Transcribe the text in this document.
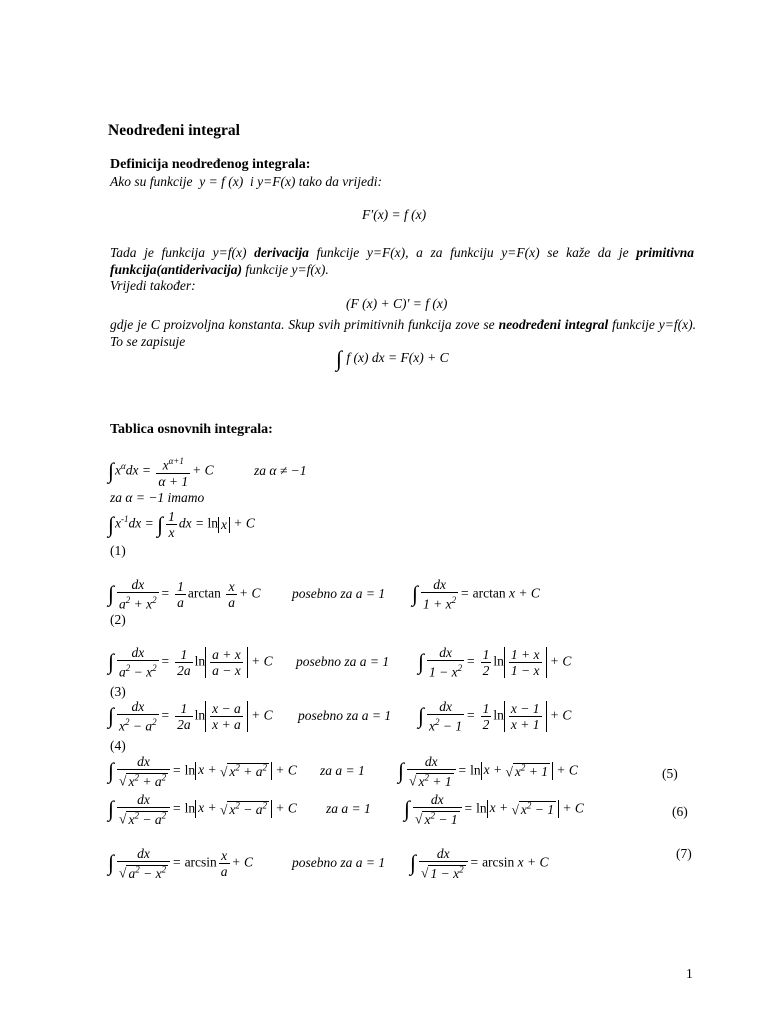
Neodređeni integral
Definicija neodređenog integrala:
Ako su funkcije  y = f (x)  i y=F(x) tako da vrijedi:
F′(x) = f (x)
Tada je funkcija y=f(x) derivacija funkcije y=F(x), a za funkciju y=F(x) se kaže da je primitivna funkcija(antiderivacija) funkcije y=f(x).
Vrijedi također:
(F (x) + C)′ = f (x)
gdje je C proizvoljna konstanta. Skup svih primitivnih funkcija zove se neodređeni integral funkcije y=f(x). To se zapisuje
∫ f (x) dx = F(x) + C
Tablica osnovnih integrala:
$\int x^\alpha dx = \frac{x^{\alpha+1}}{\alpha + 1} + C$	za α ≠ −1
za α = −1 imamo
$\int x^{-1}dx$ = ∫ $\frac{1}{x}$ dx = ln x + C
(1)
∫ $\frac{dx}{a^2 + x^2} = \frac{1}{a}$ $\arctan \frac{x}{a} + C$ posebno za a = 1 ∫ $\frac{dx}{1 + x^2} = \arctan x + C$
(2)
∫ $\frac{dx}{a^2 - x^2} = \frac{1}{2a}$ $\ln \frac{a + x}{a - x} + C$ posebno za a = 1 ∫ $\frac{dx}{1 - x^2} = \frac{1}{2}$ $\ln \frac{1 + x}{1 - x} + C$
(3)
∫ $\frac{dx}{x^2 - a^2} = \frac{1}{2a}$ $\ln \frac{x - a}{x + a} + C$ posebno za a = 1 ∫ $\frac{dx}{x^2 - 1} = \frac{1}{2}$ $\ln \frac{x - 1}{x + 1} + C$
(4)
∫ $\frac{dx}{√ x^2 + a^2} = \ln x$ + √ $x^2 + a^2 + C$ za a = 1 ∫ $\frac{dx}{√ x^2 + 1} = \ln x$ + √ $x^2 + 1 + C$	(5)
∫ $\frac{dx}{√ x^2 - a^2} = \ln x$ + √ $x^2 - a^2 + C$ za a = 1 ∫ $\frac{dx}{√ x^2 - 1} = \ln x$ + √ $x^2 - 1 + C$	(6)
∫ $\frac{dx}{√ a^2 - x^2} = \arcsin \frac{x}{a} + C$	posebno za a = 1 ∫ $\frac{dx}{√ 1 - x^2} = \arcsin x + C$
(7)
1
